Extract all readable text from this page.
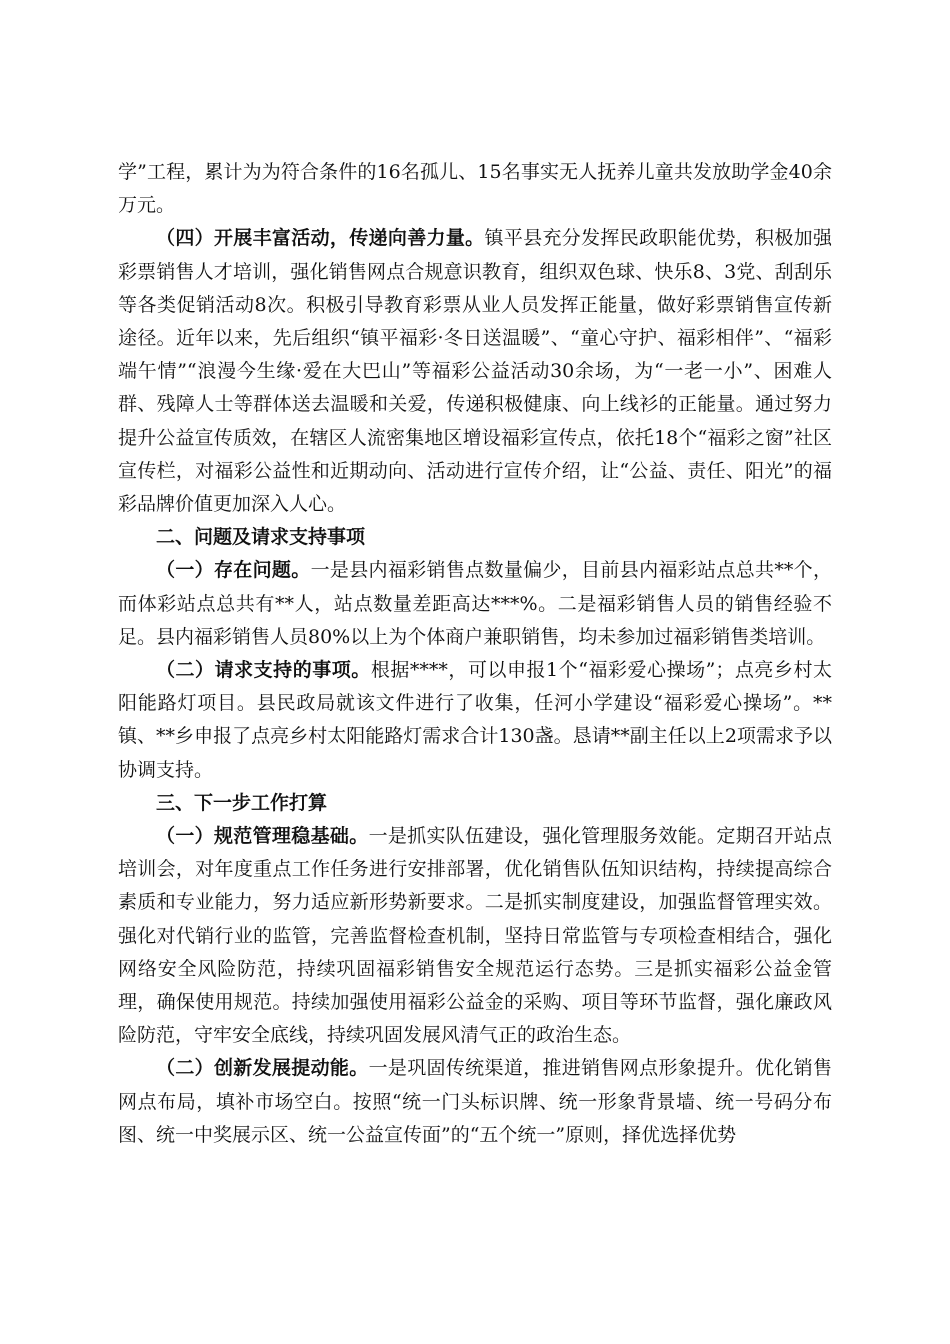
学”工程，累计为为符合条件的16名孤儿、15名事实无人抚养儿童共发放助学金40余万元。

（四）开展丰富活动，传递向善力量。镇平县充分发挥民政职能优势，积极加强彩票销售人才培训，强化销售网点合规意识教育，组织双色球、快乐8、3党、刮刮乐等各类促销活动8次。积极引导教育彩票从业人员发挥正能量，做好彩票销售宣传新途径。近年以来，先后组织“镇平福彩·冬日送温暖”、“童心守护、福彩相伴”、“福彩端午情”“浪漫今生缘·爱在大巴山”等福彩公益活动30余场，为“一老一小”、困难人群、残障人士等群体送去温暖和关爱，传递积极健康、向上线衫的正能量。通过努力提升公益宣传质效，在辖区人流密集地区增设福彩宣传点，依托18个“福彩之窗”社区宣传栏，对福彩公益性和近期动向、活动进行宣传介绍，让“公益、责任、阳光”的福彩品牌价值更加深入人心。

二、问题及请求支持事项

（一）存在问题。一是县内福彩销售点数量偏少，目前县内福彩站点总共**个，而体彩站点总共有**人，站点数量差距高达***%。二是福彩销售人员的销售经验不足。县内福彩销售人员80%以上为个体商户兼职销售，均未参加过福彩销售类培训。

（二）请求支持的事项。根据****，可以申报1个“福彩爱心操场”；点亮乡村太阳能路灯项目。县民政局就该文件进行了收集，任河小学建设“福彩爱心操场”。**镇、**乡申报了点亮乡村太阳能路灯需求合计130盏。恳请**副主任以上2项需求予以协调支持。

三、下一步工作打算

（一）规范管理稳基础。一是抓实队伍建设，强化管理服务效能。定期召开站点培训会，对年度重点工作任务进行安排部署，优化销售队伍知识结构，持续提高综合素质和专业能力，努力适应新形势新要求。二是抓实制度建设，加强监督管理实效。强化对代销行业的监管，完善监督检查机制，坚持日常监管与专项检查相结合，强化网络安全风险防范，持续巩固福彩销售安全规范运行态势。三是抓实福彩公益金管理，确保使用规范。持续加强使用福彩公益金的采购、项目等环节监督，强化廉政风险防范，守牢安全底线，持续巩固发展风清气正的政治生态。

（二）创新发展提动能。一是巩固传统渠道，推进销售网点形象提升。优化销售网点布局，填补市场空白。按照“统一门头标识牌、统一形象背景墙、统一号码分布图、统一中奖展示区、统一公益宣传面”的“五个统一”原则，择优选择优势
